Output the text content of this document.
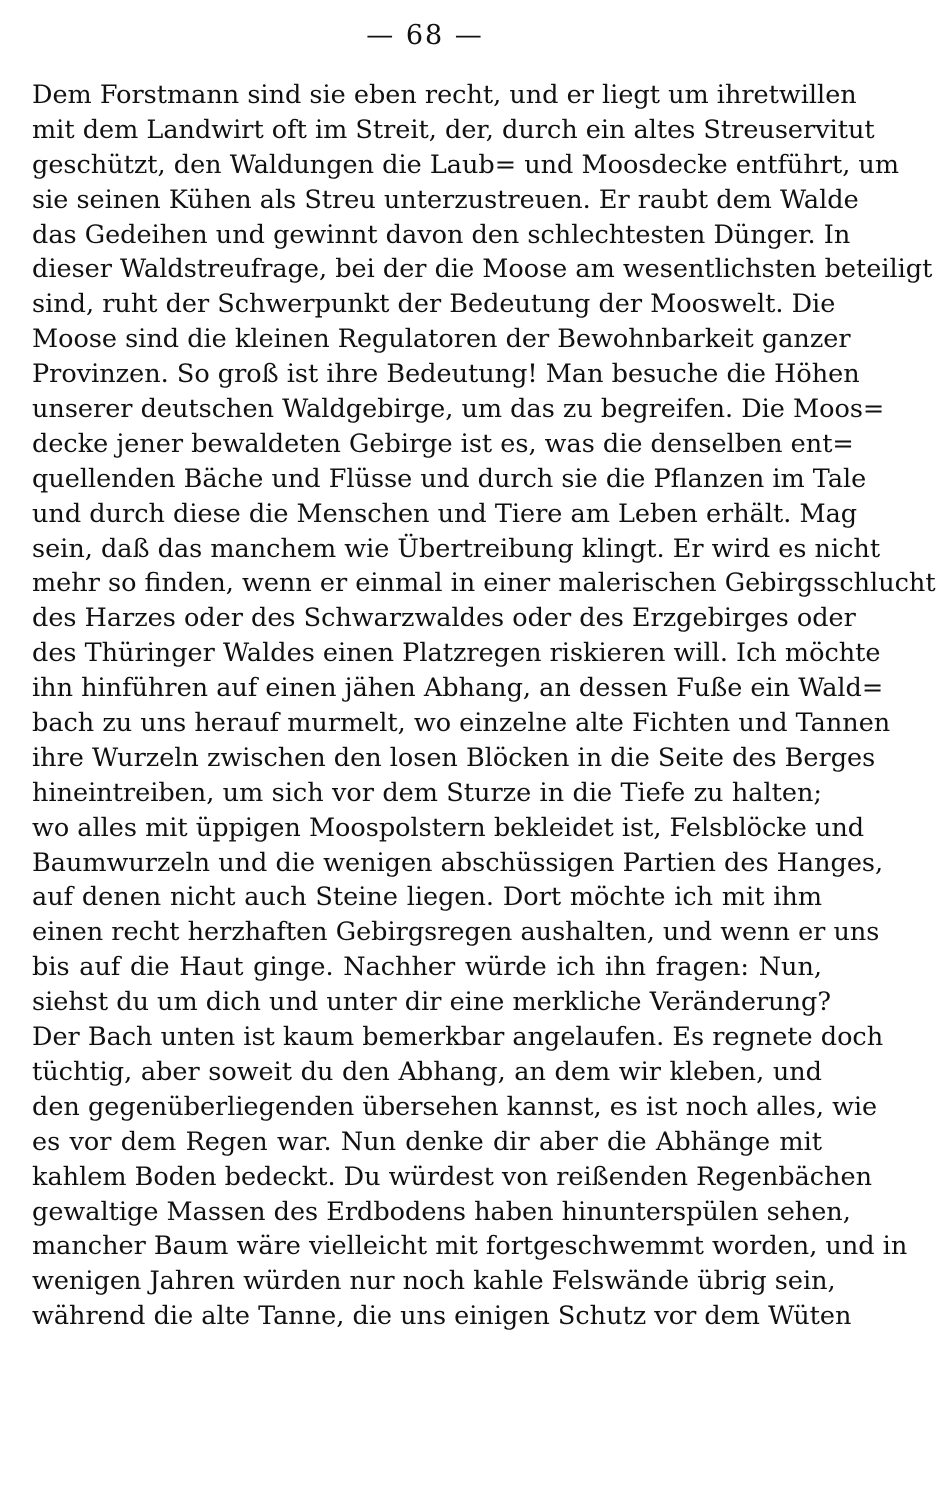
— 68 —
Dem Forstmann sind sie eben recht, und er liegt um ihretwillen
mit dem Landwirt oft im Streit, der, durch ein altes Streuservitut
geschützt, den Waldungen die Laub= und Moosdecke entführt, um
sie seinen Kühen als Streu unterzustreuen. Er raubt dem Walde
das Gedeihen und gewinnt davon den schlechtesten Dünger. In
dieser Waldstreufrage, bei der die Moose am wesentlichsten beteiligt
sind, ruht der Schwerpunkt der Bedeutung der Mooswelt. Die
Moose sind die kleinen Regulatoren der Bewohnbarkeit ganzer
Provinzen. So groß ist ihre Bedeutung! Man besuche die Höhen
unserer deutschen Waldgebirge, um das zu begreifen. Die Moos=
decke jener bewaldeten Gebirge ist es, was die denselben ent=
quellenden Bäche und Flüsse und durch sie die Pflanzen im Tale
und durch diese die Menschen und Tiere am Leben erhält. Mag
sein, daß das manchem wie Übertreibung klingt. Er wird es nicht
mehr so finden, wenn er einmal in einer malerischen Gebirgsschlucht
des Harzes oder des Schwarzwaldes oder des Erzgebirges oder
des Thüringer Waldes einen Platzregen riskieren will. Ich möchte
ihn hinführen auf einen jähen Abhang, an dessen Fuße ein Wald=
bach zu uns herauf murmelt, wo einzelne alte Fichten und Tannen
ihre Wurzeln zwischen den losen Blöcken in die Seite des Berges
hineintreiben, um sich vor dem Sturze in die Tiefe zu halten;
wo alles mit üppigen Moospolstern bekleidet ist, Felsblöcke und
Baumwurzeln und die wenigen abschüssigen Partien des Hanges,
auf denen nicht auch Steine liegen. Dort möchte ich mit ihm
einen recht herzhaften Gebirgsregen aushalten, und wenn er uns
bis auf die Haut ginge. Nachher würde ich ihn fragen: Nun,
siehst du um dich und unter dir eine merkliche Veränderung?
Der Bach unten ist kaum bemerkbar angelaufen. Es regnete doch
tüchtig, aber soweit du den Abhang, an dem wir kleben, und
den gegenüberliegenden übersehen kannst, es ist noch alles, wie
es vor dem Regen war. Nun denke dir aber die Abhänge mit
kahlem Boden bedeckt. Du würdest von reißenden Regenbächen
gewaltige Massen des Erdbodens haben hinunterspülen sehen,
mancher Baum wäre vielleicht mit fortgeschwemmt worden, und in
wenigen Jahren würden nur noch kahle Felswände übrig sein,
während die alte Tanne, die uns einigen Schutz vor dem Wüten
